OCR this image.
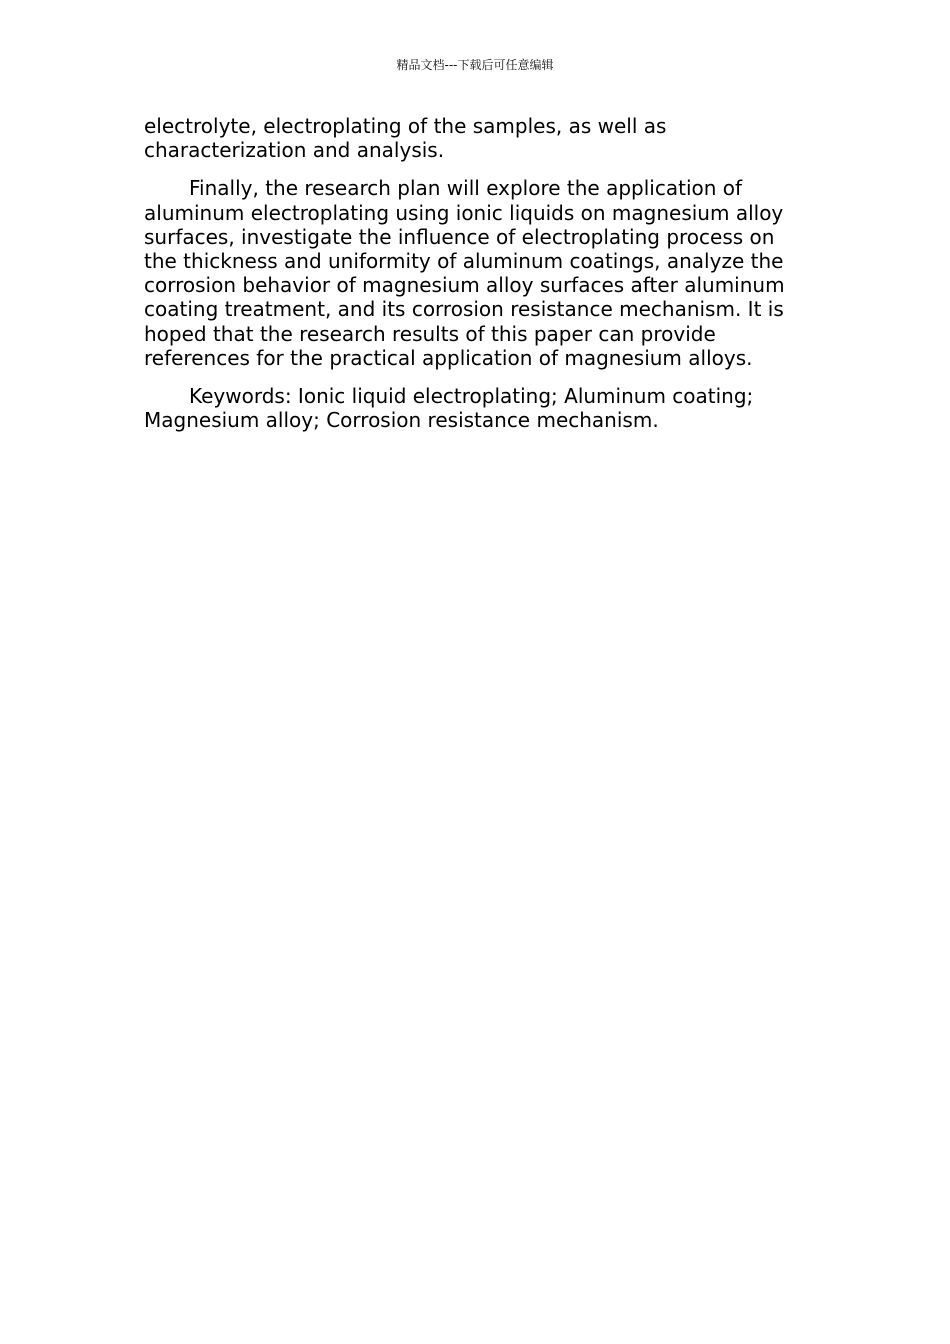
精品文档---下载后可任意编辑

electrolyte, electroplating of the samples, as well as characterization and analysis.

Finally, the research plan will explore the application of aluminum electroplating using ionic liquids on magnesium alloy surfaces, investigate the influence of electroplating process on the thickness and uniformity of aluminum coatings, analyze the corrosion behavior of magnesium alloy surfaces after aluminum coating treatment, and its corrosion resistance mechanism. It is hoped that the research results of this paper can provide references for the practical application of magnesium alloys.

Keywords: Ionic liquid electroplating; Aluminum coating; Magnesium alloy; Corrosion resistance mechanism.
